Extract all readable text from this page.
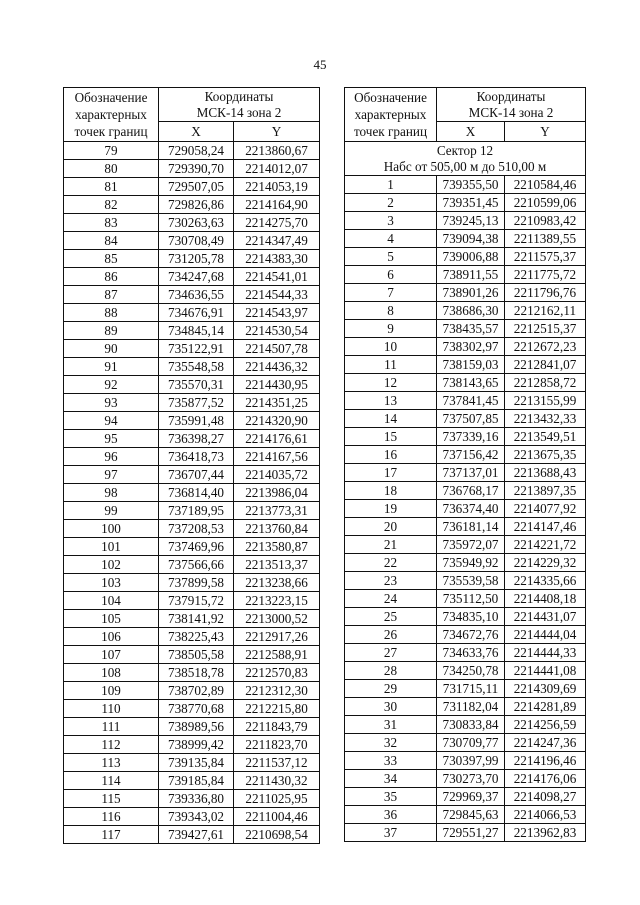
45
Обозначение характерных точек границ	Координаты
МСК-14 зона 2	
	X	Y
79	729058,24	2213860,67
80	729390,70	2214012,07
81	729507,05	2214053,19
82	729826,86	2214164,90
83	730263,63	2214275,70
84	730708,49	2214347,49
85	731205,78	2214383,30
86	734247,68	2214541,01
87	734636,55	2214544,33
88	734676,91	2214543,97
89	734845,14	2214530,54
90	735122,91	2214507,78
91	735548,58	2214436,32
92	735570,31	2214430,95
93	735877,52	2214351,25
94	735991,48	2214320,90
95	736398,27	2214176,61
96	736418,73	2214167,56
97	736707,44	2214035,72
98	736814,40	2213986,04
99	737189,95	2213773,31
100	737208,53	2213760,84
101	737469,96	2213580,87
102	737566,66	2213513,37
103	737899,58	2213238,66
104	737915,72	2213223,15
105	738141,92	2213000,52
106	738225,43	2212917,26
107	738505,58	2212588,91
108	738518,78	2212570,83
109	738702,89	2212312,30
110	738770,68	2212215,80
111	738989,56	2211843,79
112	738999,42	2211823,70
113	739135,84	2211537,12
114	739185,84	2211430,32
115	739336,80	2211025,95
116	739343,02	2211004,46
117	739427,61	2210698,54
Обозначение характерных точек границ	Координаты
МСК-14 зона 2	
	X	Y
Сектор 12
Набс от 505,00 м до 510,00 м		
1	739355,50	2210584,46
2	739351,45	2210599,06
3	739245,13	2210983,42
4	739094,38	2211389,55
5	739006,88	2211575,37
6	738911,55	2211775,72
7	738901,26	2211796,76
8	738686,30	2212162,11
9	738435,57	2212515,37
10	738302,97	2212672,23
11	738159,03	2212841,07
12	738143,65	2212858,72
13	737841,45	2213155,99
14	737507,85	2213432,33
15	737339,16	2213549,51
16	737156,42	2213675,35
17	737137,01	2213688,43
18	736768,17	2213897,35
19	736374,40	2214077,92
20	736181,14	2214147,46
21	735972,07	2214221,72
22	735949,92	2214229,32
23	735539,58	2214335,66
24	735112,50	2214408,18
25	734835,10	2214431,07
26	734672,76	2214444,04
27	734633,76	2214444,33
28	734250,78	2214441,08
29	731715,11	2214309,69
30	731182,04	2214281,89
31	730833,84	2214256,59
32	730709,77	2214247,36
33	730397,99	2214196,46
34	730273,70	2214176,06
35	729969,37	2214098,27
36	729845,63	2214066,53
37	729551,27	2213962,83
